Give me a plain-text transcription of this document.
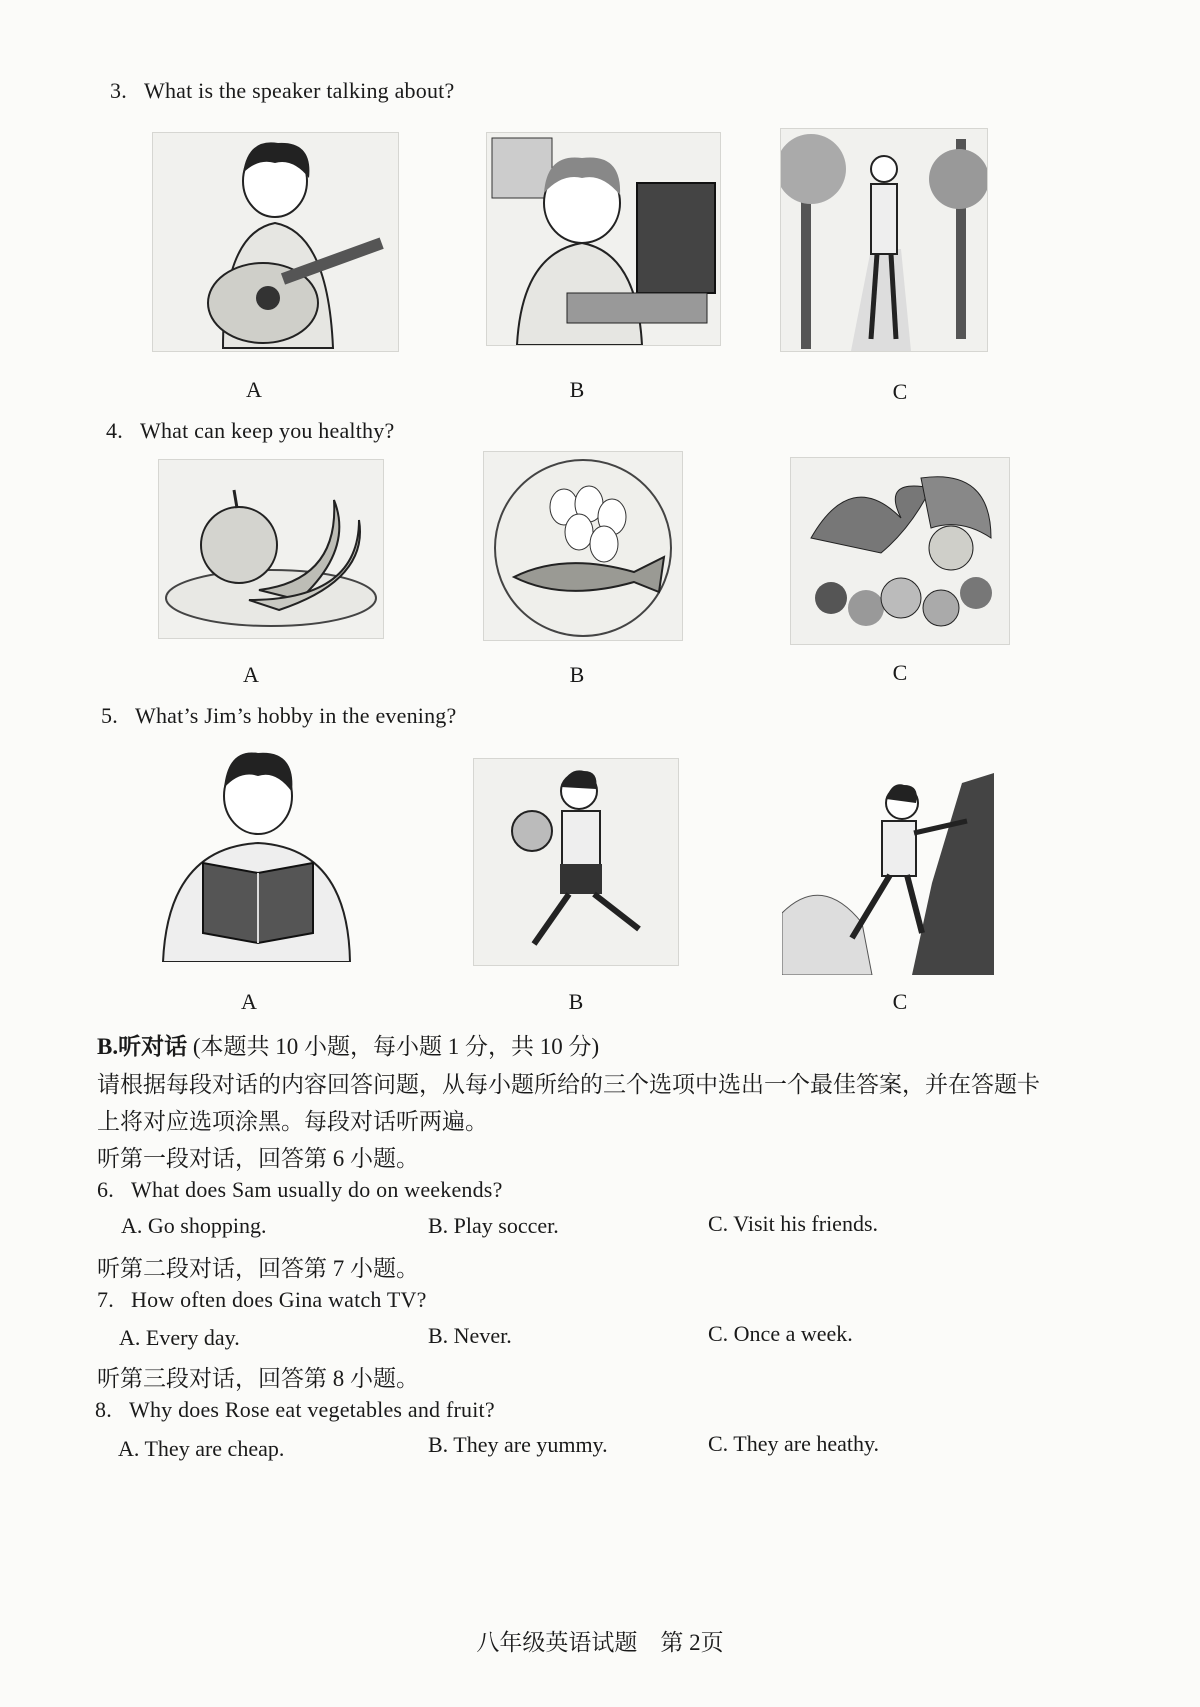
3. What is the speaker talking about?
A	B	C
4. What can keep you healthy?
A	B	C
5. What’s Jim’s hobby in the evening?
A	B	C
B.听对话 (本题共 10 小题，每小题 1 分，共 10 分)
请根据每段对话的内容回答问题，从每小题所给的三个选项中选出一个最佳答案，并在答题卡
上将对应选项涂黑。每段对话听两遍。
听第一段对话，回答第 6 小题。
6. What does Sam usually do on weekends?
A. Go shopping.	B. Play soccer.	C. Visit his friends.
听第二段对话，回答第 7 小题。
7. How often does Gina watch TV?
A. Every day.	B. Never.	C. Once a week.
听第三段对话，回答第 8 小题。
8. Why does Rose eat vegetables and fruit?
A. They are cheap.	B. They are yummy.	C. They are heathy.
八年级英语试题　第 2页
